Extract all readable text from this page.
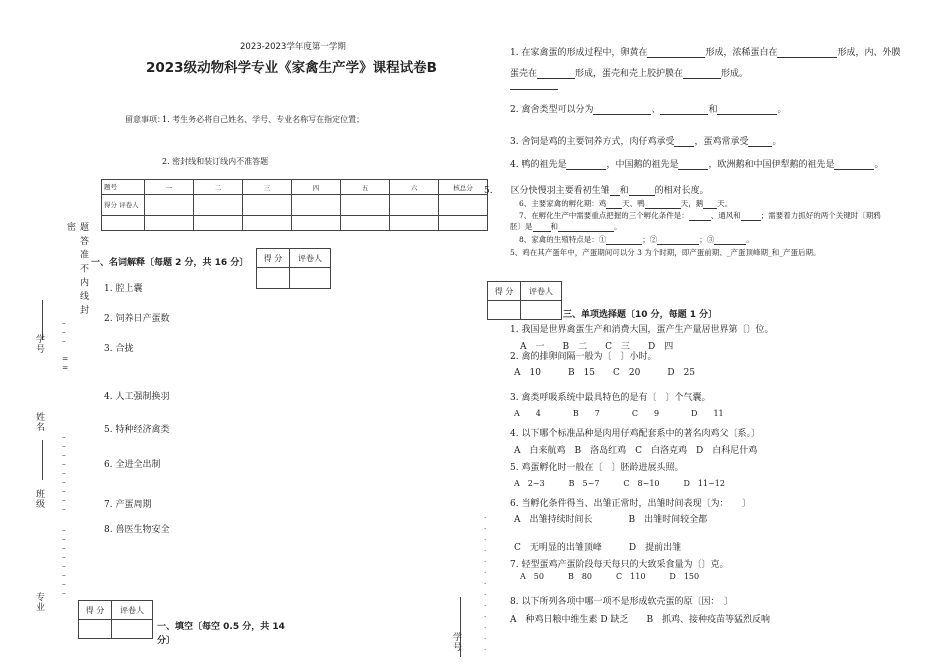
2023-2023学年度第一学期
2023级动物科学专业《家禽生产学》课程试卷B
留意事项：
1. 考生务必将自己姓名、学号、专业名称写在指定位置；
2. 密封线和装订线内不准答题
题号	一	二	三	四	五	六	核总分
得分 评卷人							

题 答 准 不 内 线 封 密
学号
姓名
班级
专业
–
–
–

=
=
–
–
–
–
–
–
–
–
–
–
–
–
–
–
–
–
–
得 分	评卷人

一、名词解释〔每题 2 分，共 16 分〕
1. 腔上囊
2. 饲养日产蛋数
3. 合拢
4. 人工强制换羽
5. 特种经济禽类
6. 全进全出制
7. 产蛋周期
8. 兽医生物安全
得 分	评卷人

一、填空〔每空 0.5 分，共 14
分〕	学号
·
·
·
·
·
·
·
·
·
·
·
·
·
1. 在家禽蛋的形成过程中，卵黄在	形成，浓稀蛋白在	形成，内、外膜
蛋壳在	形成，蛋壳和壳上胶护膜在	形成。
2. 禽舍类型可以分为	、	和	。
3. 舍饲是鸡的主要饲养方式，肉仔鸡承受 ，蛋鸡常承受	。
4. 鸭的祖先是	，中国鹅的祖先是	，欧洲鹅和中国伊犁鹅的祖先是	。
5. 区分快慢羽主要看初生雏 和	的相对长度。
6、主要家禽的孵化期：鸡 天、鸭	天，鹅 天。
7、在孵化生产中需要重点把握的三个孵化条件是：	、通风和	；需要着力抓好的两个关键时〔期鸦
胚〕是 和	。
8、家禽的生殖特点是：①	；②	；③	。
5、鸡在其产蛋年中，产蛋期间可以分 3 为个时期，即产蛋前期、_产蛋顶峰期_和_产蛋后期。
得 分	评卷人

三、单项选择题〔10 分，每题 1 分〕
1. 我国是世界禽蛋生产和消费大国，蛋产生产量居世界第〔〕位。
A　一　　B　二　　C　三　　D　四
2. 禽的排卵间隔一般为〔　〕小时。
A　10　　　B　15　　C　20　　　D　25
3. 禽类呼吸系统中最具特色的是有〔　〕个气囊。
A　　4　　　　B　　7　　　　C　　9　　　　D　　11
4. 以下哪个标准品种是肉用仔鸡配套系中的著名肉鸡父〔系。〕
A　白来航鸡　B　洛岛红鸡　C　白洛克鸡　D　白科尼什鸡
5. 鸡蛋孵化时一般在〔　〕胚龄进展头照。
A　2~3　　　B　5~7　　　C　8~10　　　D　11~12
6. 当孵化条件得当、出雏正常时，出雏时间表现〔为：　　〕
A　出雏持续时间长　　　　B　出雏时间较全都
C　无明显的出雏顶峰　　　D　提前出雏
7. 轻型蛋鸡产蛋阶段每天每只的大致采食量为〔〕克。
A　50　　　B　80　　　C　110　　　D　150
8. 以下所列各项中哪一项不是形成软壳蛋的原〔因：　〕
A　种鸡日粮中维生素 D 缺乏　　B　抓鸡、接种疫苗等猛烈反响
